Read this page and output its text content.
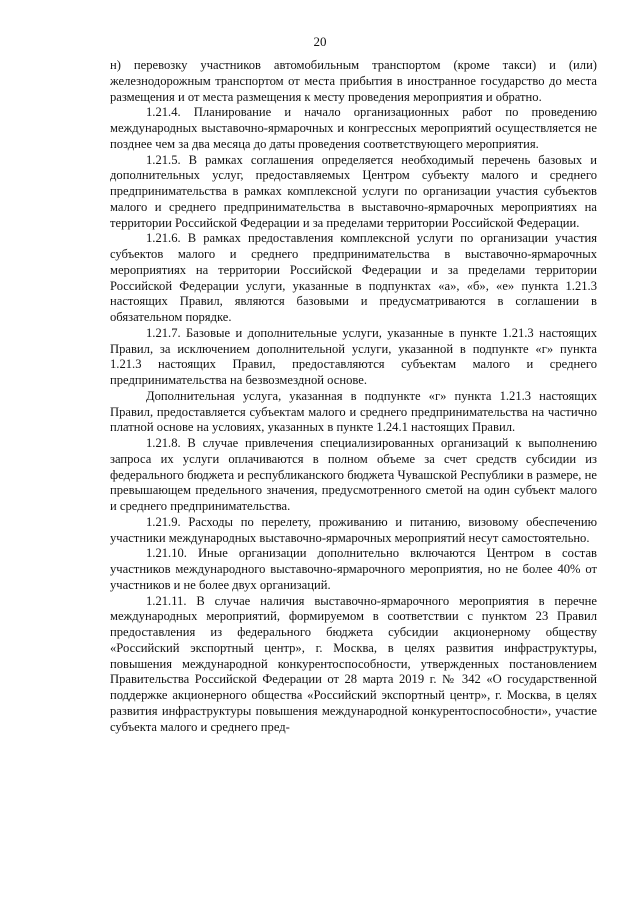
20

н) перевозку участников автомобильным транспортом (кроме такси) и (или) железнодорожным транспортом от места прибытия в иностранное государство до места размещения и от места размещения к месту проведения мероприятия и обратно.

1.21.4. Планирование и начало организационных работ по проведению международных выставочно-ярмарочных и конгрессных мероприятий осуществляется не позднее чем за два месяца до даты проведения соответствующего мероприятия.

1.21.5. В рамках соглашения определяется необходимый перечень базовых и дополнительных услуг, предоставляемых Центром субъекту малого и среднего предпринимательства в рамках комплексной услуги по организации участия субъектов малого и среднего предпринимательства в выставочно-ярмарочных мероприятиях на территории Российской Федерации и за пределами территории Российской Федерации.

1.21.6. В рамках предоставления комплексной услуги по организации участия субъектов малого и среднего предпринимательства в выставочно-ярмарочных мероприятиях на территории Российской Федерации и за пределами территории Российской Федерации услуги, указанные в подпунктах «а», «б», «е» пункта 1.21.3 настоящих Правил, являются базовыми и предусматриваются в соглашении в обязательном порядке.

1.21.7. Базовые и дополнительные услуги, указанные в пункте 1.21.3 настоящих Правил, за исключением дополнительной услуги, указанной в подпункте «г» пункта 1.21.3 настоящих Правил, предоставляются субъектам малого и среднего предпринимательства на безвозмездной основе.

Дополнительная услуга, указанная в подпункте «г» пункта 1.21.3 настоящих Правил, предоставляется субъектам малого и среднего предпринимательства на частично платной основе на условиях, указанных в пункте 1.24.1 настоящих Правил.

1.21.8. В случае привлечения специализированных организаций к выполнению запроса их услуги оплачиваются в полном объеме за счет средств субсидии из федерального бюджета и республиканского бюджета Чувашской Республики в размере, не превышающем предельного значения, предусмотренного сметой на один субъект малого и среднего предпринимательства.

1.21.9. Расходы по перелету, проживанию и питанию, визовому обеспечению участники международных выставочно-ярмарочных мероприятий несут самостоятельно.

1.21.10. Иные организации дополнительно включаются Центром в состав участников международного выставочно-ярмарочного мероприятия, но не более 40% от участников и не более двух организаций.

1.21.11. В случае наличия выставочно-ярмарочного мероприятия в перечне международных мероприятий, формируемом в соответствии с пунктом 23 Правил предоставления из федерального бюджета субсидии акционерному обществу «Российский экспортный центр», г. Москва, в целях развития инфраструктуры, повышения международной конкурентоспособности, утвержденных постановлением Правительства Российской Федерации от 28 марта 2019 г. № 342 «О государственной поддержке акционерного общества «Российский экспортный центр», г. Москва, в целях развития инфраструктуры повышения международной конкурентоспособности», участие субъекта малого и среднего пред-
